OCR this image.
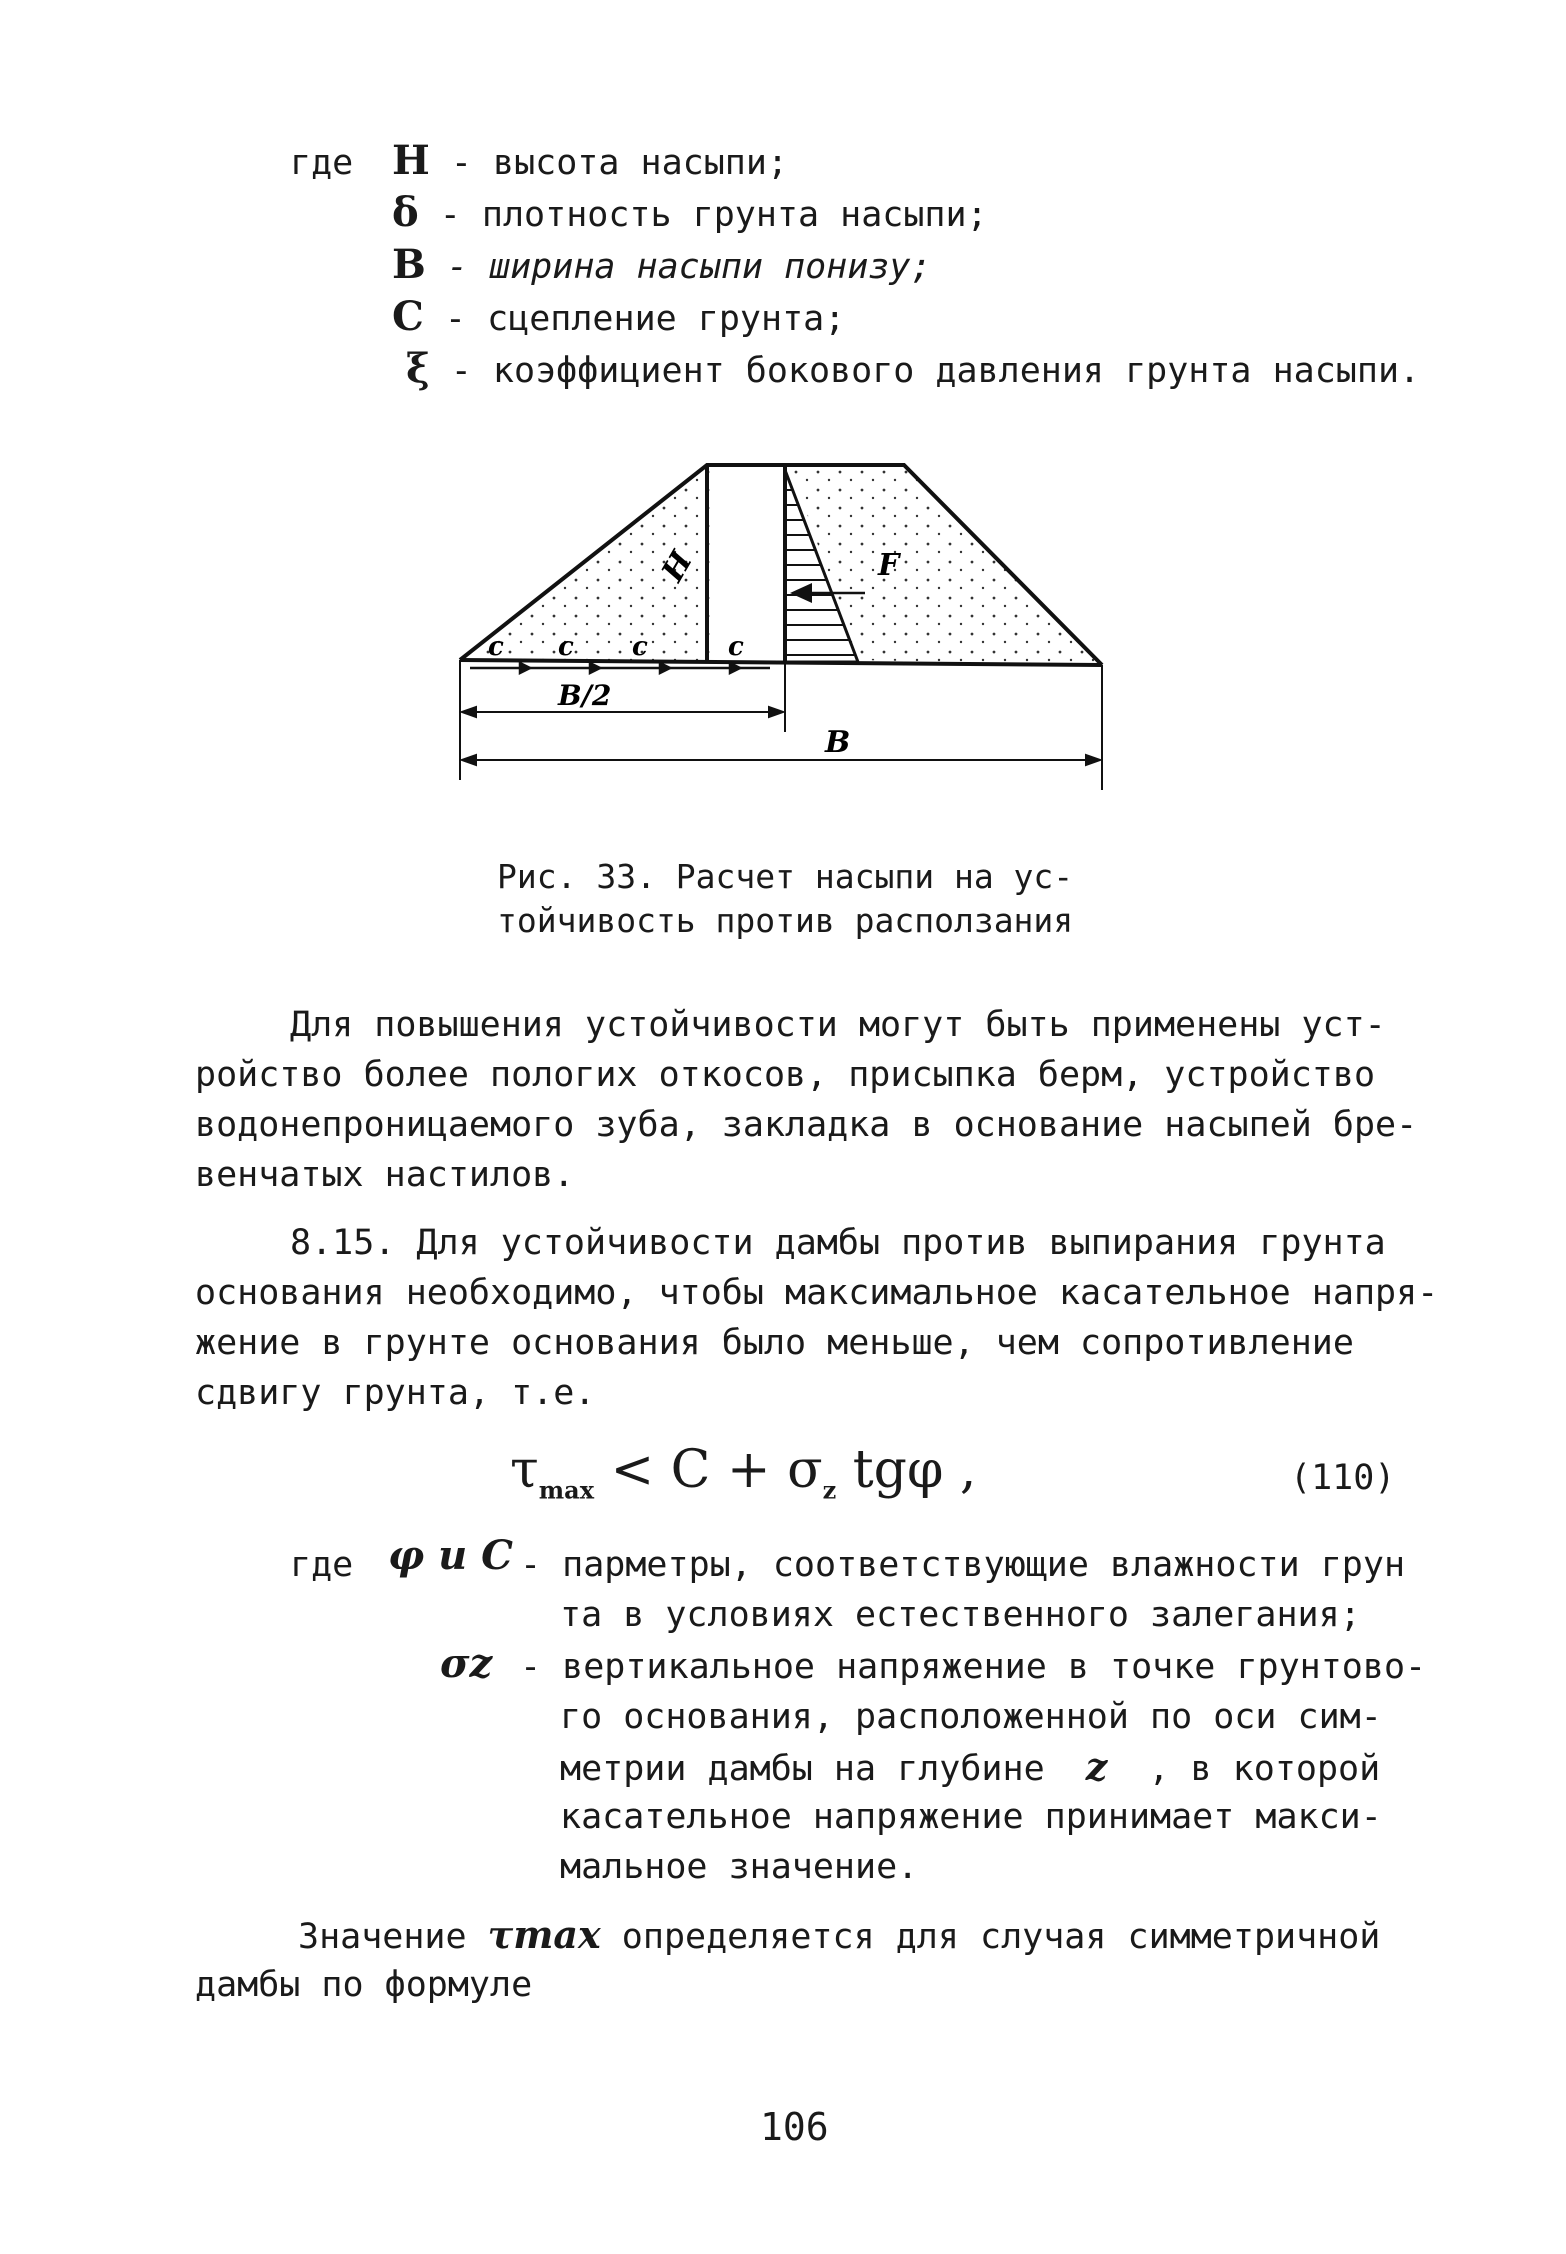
где H - высота насыпи;
δ - плотность грунта насыпи;
B - ширина насыпи понизу;
C - сцепление грунта;
ξ - коэффициент бокового давления грунта насыпи.
c c c	c
H	F
B/2
B
Рис. 33. Расчет насыпи на ус-
тойчивость против расползания
Для повышения устойчивости могут быть применены уст-
ройство более пологих откосов, присыпка берм, устройство
водонепроницаемого зуба, закладка в основание насыпей бре-
венчатых настилов.
8.15. Для устойчивости дамбы против выпирания грунта
основания необходимо, чтобы максимальное касательное напря-
жение в грунте основания было меньше, чем сопротивление
сдвигу грунта, т.е.
$\tau_{max} < C + \sigma_z$ tgφ ,	(110)
где φ и C - парметры, соответствующие влажности грун
та в условиях естественного залегания;
σz - вертикальное напряжение в точке грунтово-
го основания, расположенной по оси сим-
метрии дамбы на глубине z , в которой
касательное напряжение принимает макси-
мальное значение.
Значение τmax определяется для случая симметричной
дамбы по формуле
106
